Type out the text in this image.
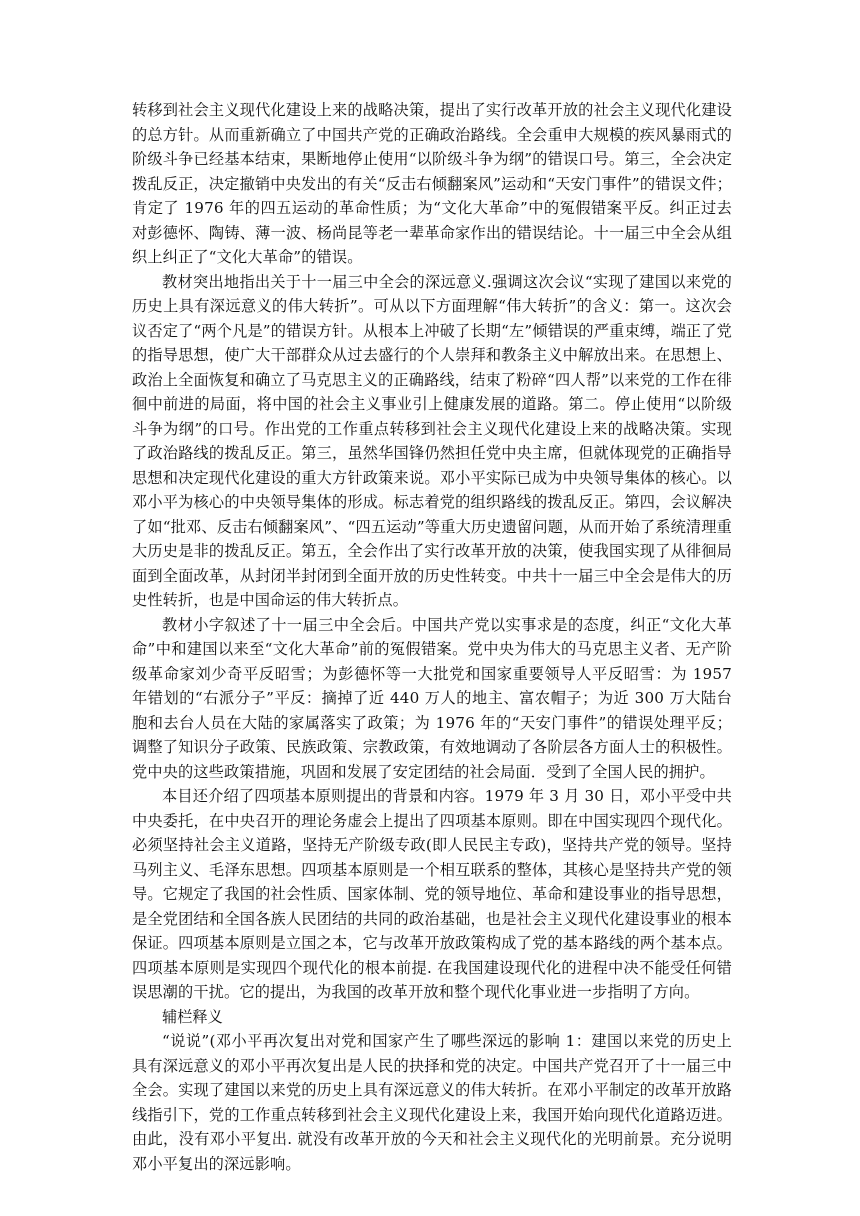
转移到社会主义现代化建设上来的战略决策，提出了实行改革开放的社会主义现代化建设的总方针。从而重新确立了中国共产党的正确政治路线。全会重申大规模的疾风暴雨式的阶级斗争已经基本结束，果断地停止使用“以阶级斗争为纲”的错误口号。第三，全会决定拨乱反正，决定撤销中央发出的有关“反击右倾翻案风”运动和“天安门事件”的错误文件；肯定了 1976 年的四五运动的革命性质；为“文化大革命”中的冤假错案平反。纠正过去对彭德怀、陶铸、薄一波、杨尚昆等老一辈革命家作出的错误结论。十一届三中全会从组织上纠正了“文化大革命”的错误。

教材突出地指出关于十一届三中全会的深远意义.强调这次会议“实现了建国以来党的历史上具有深远意义的伟大转折”。可从以下方面理解“伟大转折”的含义：第一。这次会议否定了“两个凡是”的错误方针。从根本上冲破了长期“左”倾错误的严重束缚，端正了党的指导思想，使广大干部群众从过去盛行的个人崇拜和教条主义中解放出来。在思想上、政治上全面恢复和确立了马克思主义的正确路线，结束了粉碎“四人帮”以来党的工作在徘徊中前进的局面，将中国的社会主义事业引上健康发展的道路。第二。停止使用“以阶级斗争为纲”的口号。作出党的工作重点转移到社会主义现代化建设上来的战略决策。实现了政治路线的拨乱反正。第三，虽然华国锋仍然担任党中央主席，但就体现党的正确指导思想和决定现代化建设的重大方针政策来说。邓小平实际已成为中央领导集体的核心。以邓小平为核心的中央领导集体的形成。标志着党的组织路线的拨乱反正。第四，会议解决了如“批邓、反击右倾翻案风”、“四五运动”等重大历史遗留问题，从而开始了系统清理重大历史是非的拨乱反正。第五，全会作出了实行改革开放的决策，使我国实现了从徘徊局面到全面改革，从封闭半封闭到全面开放的历史性转变。中共十一届三中全会是伟大的历史性转折，也是中国命运的伟大转折点。

教材小字叙述了十一届三中全会后。中国共产党以实事求是的态度，纠正“文化大革命”中和建国以来至“文化大革命”前的冤假错案。党中央为伟大的马克思主义者、无产阶级革命家刘少奇平反昭雪；为彭德怀等一大批党和国家重要领导人平反昭雪：为 1957 年错划的“右派分子”平反：摘掉了近 440 万人的地主、富农帽子；为近 300 万大陆台胞和去台人员在大陆的家属落实了政策；为 1976 年的“天安门事件”的错误处理平反；调整了知识分子政策、民族政策、宗教政策，有效地调动了各阶层各方面人士的积极性。党中央的这些政策措施，巩固和发展了安定团结的社会局面．受到了全国人民的拥护。

本目还介绍了四项基本原则提出的背景和内容。1979 年 3 月 30 日，邓小平受中共中央委托，在中央召开的理论务虚会上提出了四项基本原则。即在中国实现四个现代化。必须坚持社会主义道路，坚持无产阶级专政(即人民民主专政)，坚持共产党的领导。坚持马列主义、毛泽东思想。四项基本原则是一个相互联系的整体，其核心是坚持共产党的领导。它规定了我国的社会性质、国家体制、党的领导地位、革命和建设事业的指导思想，是全党团结和全国各族人民团结的共同的政治基础，也是社会主义现代化建设事业的根本保证。四项基本原则是立国之本，它与改革开放政策构成了党的基本路线的两个基本点。四项基本原则是实现四个现代化的根本前提. 在我国建设现代化的进程中决不能受任何错误思潮的干扰。它的提出，为我国的改革开放和整个现代化事业进一步指明了方向。

辅栏释义

“说说”(邓小平再次复出对党和国家产生了哪些深远的影响 1：建国以来党的历史上具有深远意义的邓小平再次复出是人民的抉择和党的决定。中国共产党召开了十一届三中全会。实现了建国以来党的历史上具有深远意义的伟大转折。在邓小平制定的改革开放路线指引下，党的工作重点转移到社会主义现代化建设上来，我国开始向现代化道路迈进。由此，没有邓小平复出. 就没有改革开放的今天和社会主义现代化的光明前景。充分说明邓小平复出的深远影响。
